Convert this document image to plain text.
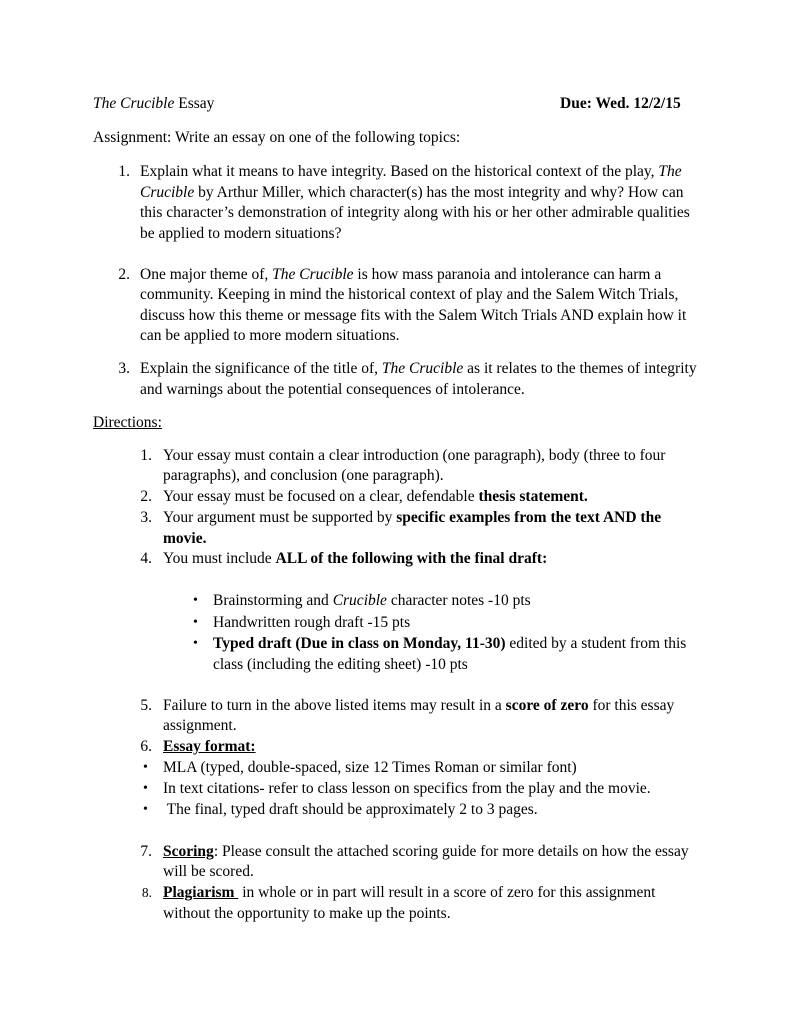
The Crucible Essay	Due: Wed. 12/2/15
Assignment: Write an essay on one of the following topics:
1. Explain what it means to have integrity. Based on the historical context of the play, The
Crucible by Arthur Miller, which character(s) has the most integrity and why? How can
this character’s demonstration of integrity along with his or her other admirable qualities
be applied to modern situations?
2. One major theme of, The Crucible is how mass paranoia and intolerance can harm a
community. Keeping in mind the historical context of play and the Salem Witch Trials,
discuss how this theme or message fits with the Salem Witch Trials AND explain how it
can be applied to more modern situations.
3. Explain the significance of the title of, The Crucible as it relates to the themes of integrity
and warnings about the potential consequences of intolerance.
Directions:
1. Your essay must contain a clear introduction (one paragraph), body (three to four
paragraphs), and conclusion (one paragraph).
2. Your essay must be focused on a clear, defendable thesis statement.
3. Your argument must be supported by specific examples from the text AND the
movie.
4. You must include ALL of the following with the final draft:
• Brainstorming and Crucible character notes -10 pts
• Handwritten rough draft -15 pts
• Typed draft (Due in class on Monday, 11-30) edited by a student from this
class (including the editing sheet) -10 pts
5. Failure to turn in the above listed items may result in a score of zero for this essay
assignment.
6. Essay format:
• MLA (typed, double-spaced, size 12 Times Roman or similar font)
• In text citations- refer to class lesson on specifics from the play and the movie.
• The final, typed draft should be approximately 2 to 3 pages.
7. Scoring: Please consult the attached scoring guide for more details on how the essay
will be scored.
8. Plagiarism  in whole or in part will result in a score of zero for this assignment
without the opportunity to make up the points.
